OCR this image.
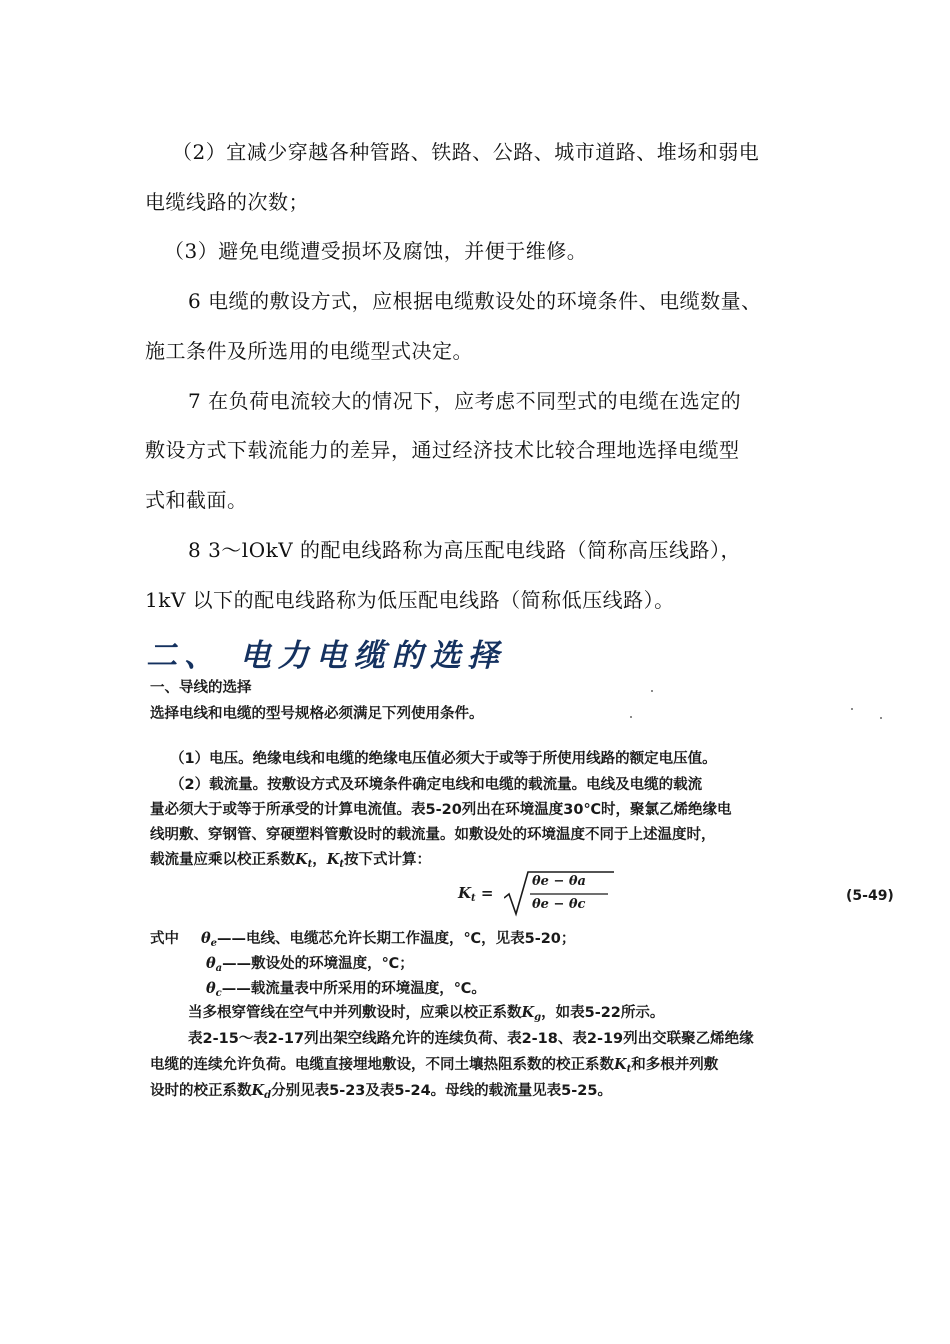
（2）宜减少穿越各种管路、铁路、公路、城市道路、堆场和弱电
电缆线路的次数；
（3）避免电缆遭受损坏及腐蚀，并便于维修。
6 电缆的敷设方式，应根据电缆敷设处的环境条件、电缆数量、
施工条件及所选用的电缆型式决定。
7 在负荷电流较大的情况下，应考虑不同型式的电缆在选定的
敷设方式下载流能力的差异，通过经济技术比较合理地选择电缆型
式和截面。
8 3～lOkV 的配电线路称为高压配电线路（简称高压线路），
1kV 以下的配电线路称为低压配电线路（简称低压线路）。
二、 电力电缆的选择
一、导线的选择
选择电线和电缆的型号规格必须满足下列使用条件。
（1）电压。绝缘电线和电缆的绝缘电压值必须大于或等于所使用线路的额定电压值。
（2）载流量。按敷设方式及环境条件确定电线和电缆的载流量。电线及电缆的载流
量必须大于或等于所承受的计算电流值。表5-20列出在环境温度30℃时，聚氯乙烯绝缘电
线明敷、穿钢管、穿硬塑料管敷设时的载流量。如敷设处的环境温度不同于上述温度时，
载流量应乘以校正系数$K_t$，$K_t$按下式计算：
$K_t$ =
θe − θa
θe − θc
(5-49)
式中 $\theta_e——$电线、电缆芯允许长期工作温度，℃，见表5-20；
$\theta_a——$敷设处的环境温度，℃；
$\theta_c——$载流量表中所采用的环境温度，℃。
当多根穿管线在空气中并列敷设时，应乘以校正系数$K_g$，如表5-22所示。
表2-15～表2-17列出架空线路允许的连续负荷、表2-18、表2-19列出交联聚乙烯绝缘
电缆的连续允许负荷。电缆直接埋地敷设，不同土壤热阻系数的校正系数$K_t$和多根并列敷
设时的校正系数$K_d$分别见表5-23及表5-24。母线的载流量见表5-25。
